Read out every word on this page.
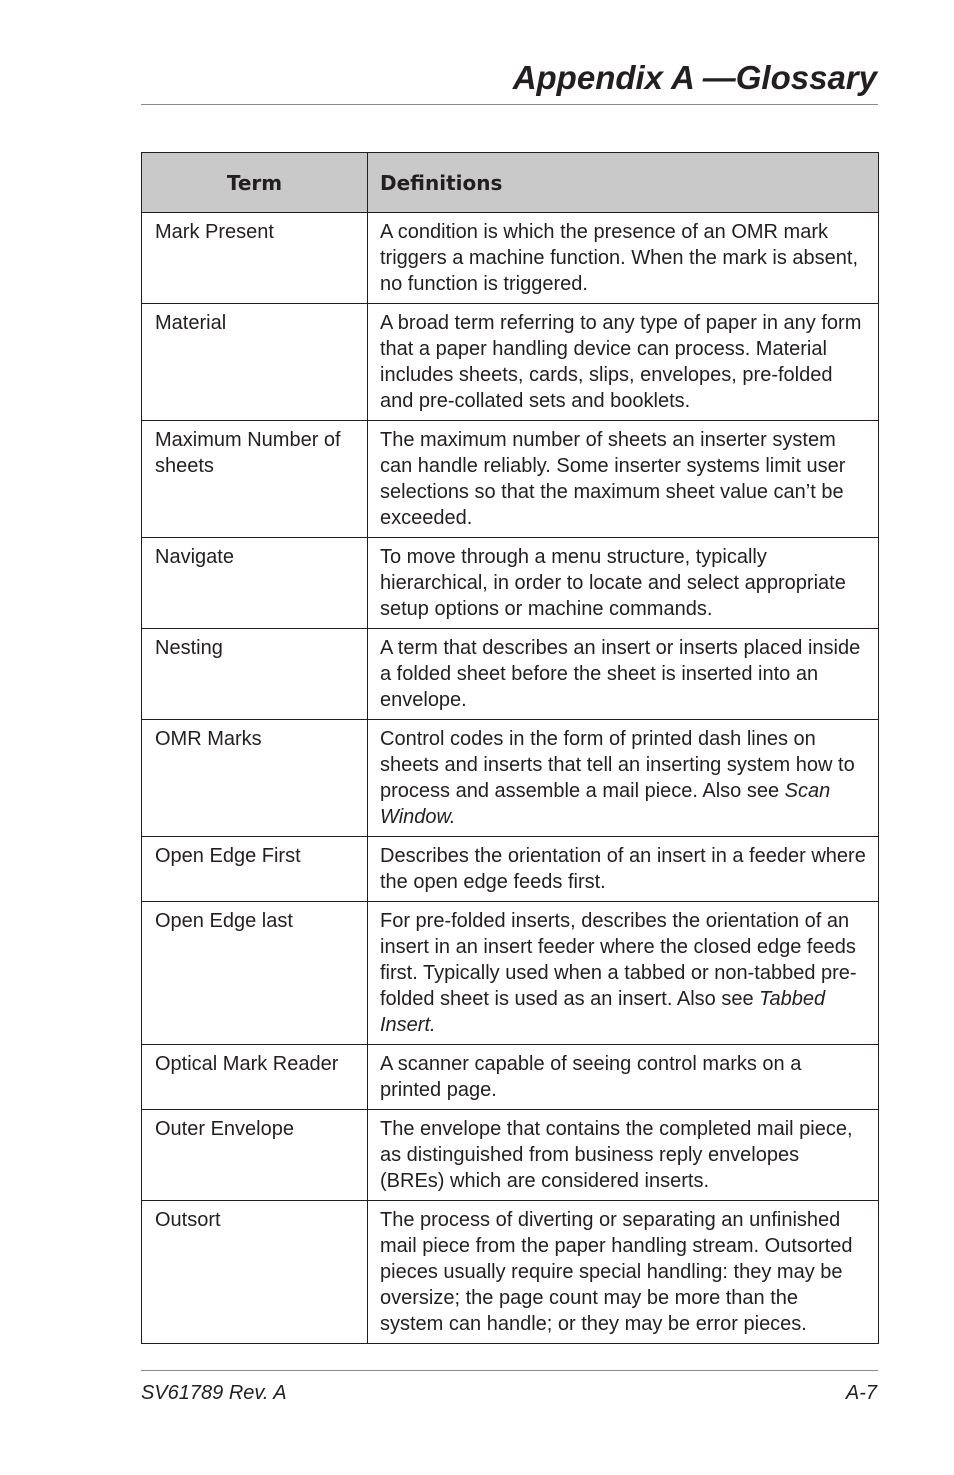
Appendix A —Glossary
Term	Definitions
Mark Present	A condition is which the presence of an OMR mark triggers a machine function. When the mark is absent, no function is triggered.
Material	A broad term referring to any type of paper in any form that a paper handling device can process. Material includes sheets, cards, slips, envelopes, pre-folded and pre-collated sets and booklets.
Maximum Number of sheets	The maximum number of sheets an inserter system can handle reliably. Some inserter systems limit user selections so that the maximum sheet value can’t be exceeded.
Navigate	To move through a menu structure, typically hierarchical, in order to locate and select appropriate setup options or machine commands.
Nesting	A term that describes an insert or inserts placed inside a folded sheet before the sheet is inserted into an envelope.
OMR Marks	Control codes in the form of printed dash lines on sheets and inserts that tell an inserting system how to process and assemble a mail piece. Also see Scan Window.
Open Edge First	Describes the orientation of an insert in a feeder where the open edge feeds first.
Open Edge last	For pre-folded inserts, describes the orientation of an insert in an insert feeder where the closed edge feeds first. Typically used when a tabbed or non-tabbed pre-folded sheet is used as an insert. Also see Tabbed Insert.
Optical Mark Reader	A scanner capable of seeing control marks on a printed page.
Outer Envelope	The envelope that contains the completed mail piece, as distinguished from business reply envelopes (BREs) which are considered inserts.
Outsort	The process of diverting or separating an unfinished mail piece from the paper handling stream. Outsorted pieces usually require special handling: they may be oversize; the page count may be more than the system can handle; or they may be error pieces.
SV61789 Rev. A	A-7
